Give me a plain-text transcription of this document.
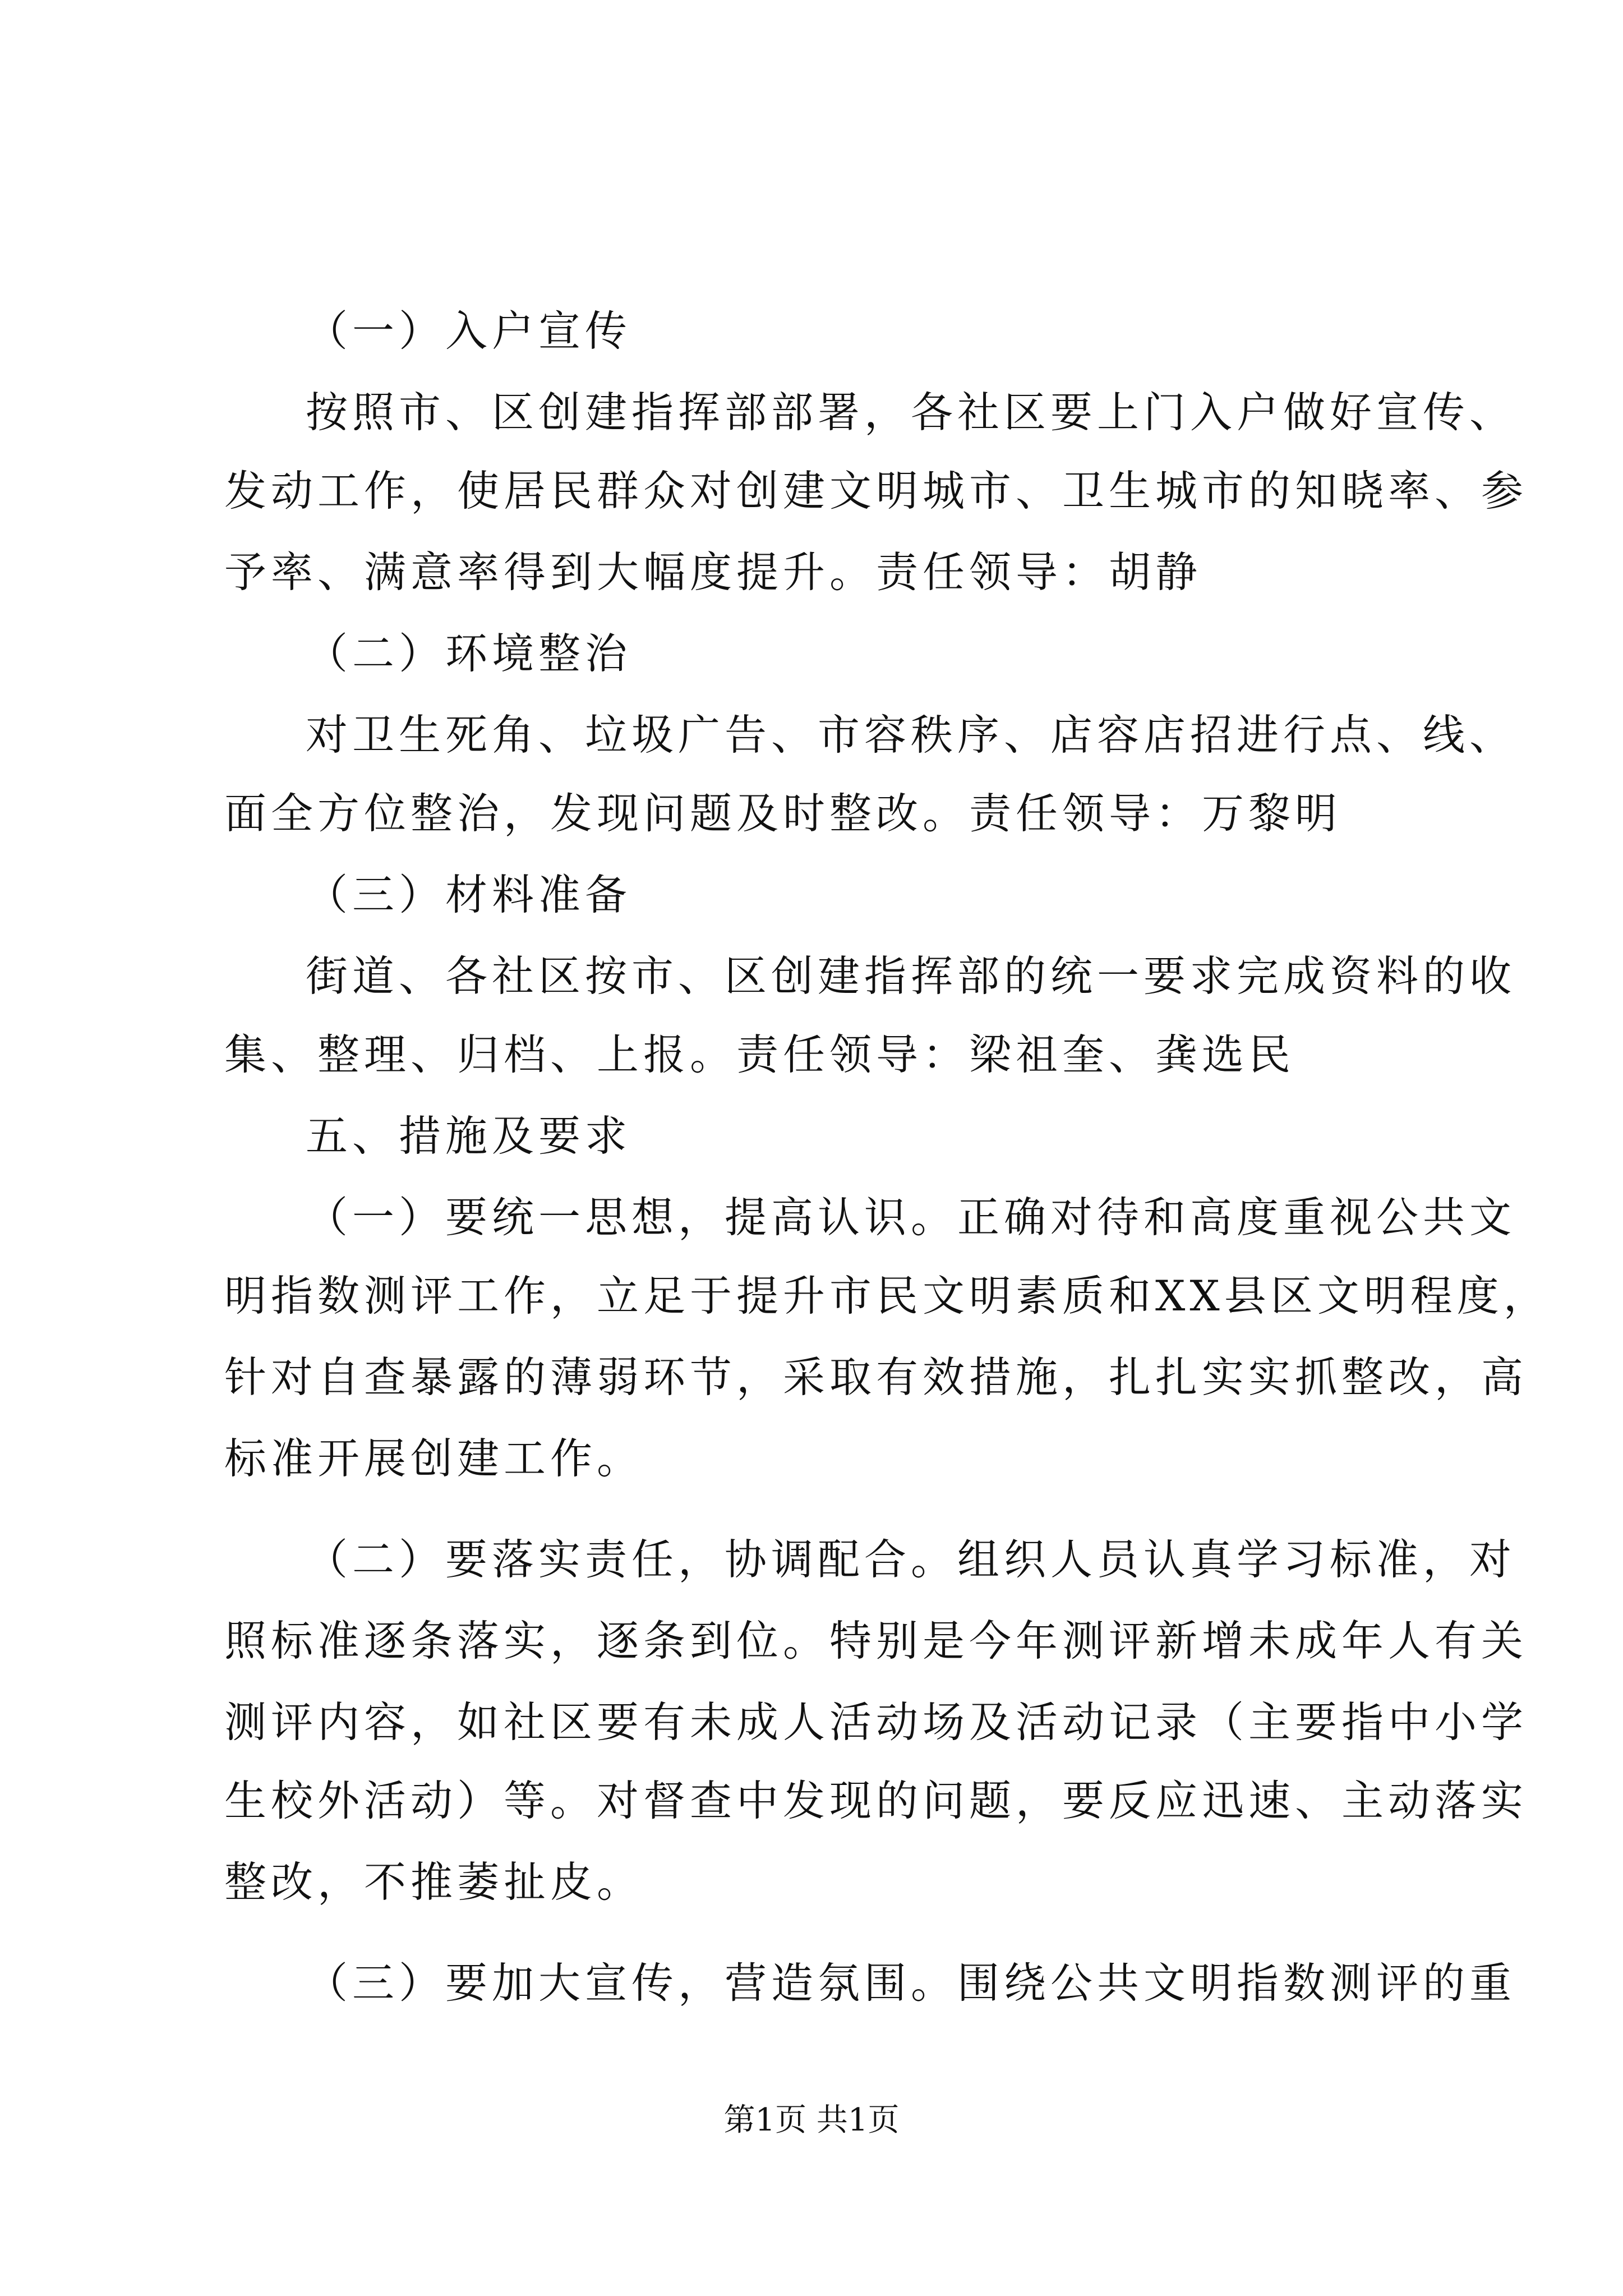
（一）入户宣传
按照市、区创建指挥部部署，各社区要上门入户做好宣传、
发动工作，使居民群众对创建文明城市、卫生城市的知晓率、参
予率、满意率得到大幅度提升。责任领导：胡静
（二）环境整治
对卫生死角、垃圾广告、市容秩序、店容店招进行点、线、
面全方位整治，发现问题及时整改。责任领导：万黎明
（三）材料准备
街道、各社区按市、区创建指挥部的统一要求完成资料的收
集、整理、归档、上报。责任领导：梁祖奎、龚选民
五、措施及要求
（一）要统一思想，提高认识。正确对待和高度重视公共文
明指数测评工作，立足于提升市民文明素质和XX县区文明程度，
针对自查暴露的薄弱环节，采取有效措施，扎扎实实抓整改，高
标准开展创建工作。
（二）要落实责任，协调配合。组织人员认真学习标准，对
照标准逐条落实，逐条到位。特别是今年测评新增未成年人有关
测评内容，如社区要有未成人活动场及活动记录（主要指中小学
生校外活动）等。对督查中发现的问题，要反应迅速、主动落实
整改，不推萎扯皮。
（三）要加大宣传，营造氛围。围绕公共文明指数测评的重
第1页 共1页
